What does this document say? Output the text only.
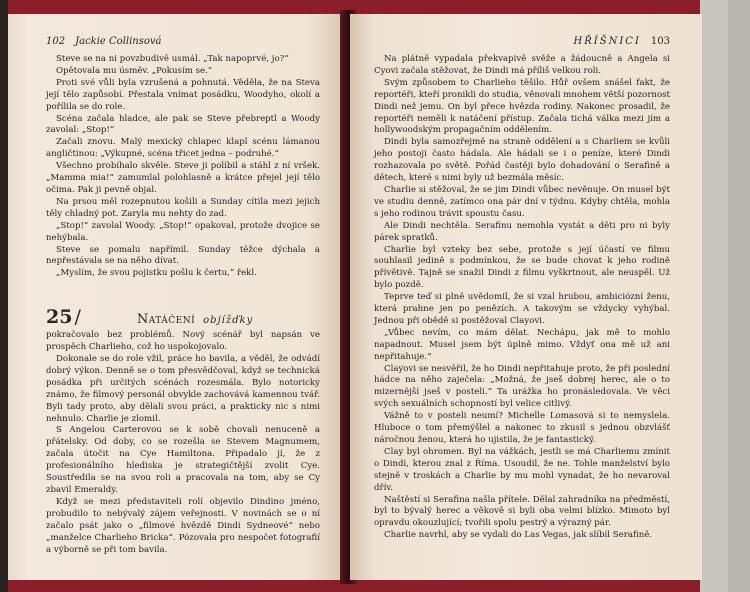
102 Jackie Collinsová

Steve se na ni povzbudivě usmál. „Tak napoprvé, jo?“

Opětovala mu úsměv. „Pokusím se.“

Proti své vůli byla vzrušená a pohnutá. Věděla, že na Steva její tělo zapůsobí. Přestala vnímat posádku, Woodyho, okolí a pořílila se do role.

Scéna začala hladce, ale pak se Steve přebreptl a Woody zavolal: „Stop!“

Začali znovu. Malý mexický chlapec klapl scénu lámanou angličtinou: „Výkupné, scéna třicet jedna – podruhé.“

Všechno probíhalo skvěle. Steve ji políbil a stáhl z ní vršek. „Mamma mia!“ zamumlal polohlasně a krátce přejel její tělo očima. Pak ji pevně objal.

Na prsou měl rozepnutou košili a Sunday cítila mezi jejich těly chladný pot. Zaryla mu nehty do zad.

„Stop!“ zavolal Woody. „Stop!“ opakoval, protože dvojice se nehýbala.

Steve se pomalu napřímil. Sunday těžce dýchala a nepřestávala se na něho dívat.

„Myslím, že svou pojistku pošlu k čertu,“ řekl.

25 /	Natáčení objížďky

pokračovalo bez problémů. Nový scénář byl napsán ve prospěch Charlieho, což ho uspokojovalo.

Dokonale se do role vžil, práce ho bavila, a věděl, že odvádí dobrý výkon. Denně se o tom přesvědčoval, když se technická posádka při určitých scénách rozesmála. Bylo notoricky známo, že filmový personál obvykle zachovává kamennou tvář. Byli tady proto, aby dělali svou práci, a prakticky nic s nimi nehnulo. Charlie je zlomil.

S Angelou Carterovou se k sobě chovali nenuceně a přátelsky. Od doby, co se rozešla se Stevem Magnumem, začala útočit na Cye Hamiltona. Připadalo jí, že z profesionálního hlediska je strategičtější zvolit Cye. Soustředila se na svou roli a pracovala na tom, aby se Cy zbavil Emeraldy.

Když se mezi představiteli rolí objevilo Dindino jméno, probudilo to nebývalý zájem veřejnosti. V novinách se o ní začalo psát jako o „filmové hvězdě Dindi Sydneové“ nebo „manželce Charlieho Bricka“. Pózovala pro nespočet fotografií a výborně se při tom bavila.

HŘÍŠNICI 103

Na plátně vypadala překvapivě svěže a žádoucně a Angela si Cyovi začala stěžovat, že Dindi má příliš velkou roli.

Svým způsobem to Charlieho těšilo. Hůř ovšem snášel fakt, že reportéři, kteří pronikli do studia, věnovali mnohem větší pozornost Dindi než jemu. On byl přece hvězda rodiny. Nakonec prosadil, že reportéři neměli k natáčení přístup. Začala tichá válka mezi jím a hollywoodským propagačním oddělením.

Dindi byla samozřejmě na straně oddělení a s Charliem se kvůli jeho postoji často hádala. Ale hádali se i o peníze, které Dindi rozhazovala po světě. Pořád častěji bylo dohadování o Serafině a dětech, které s nimi byly už bezmála měsíc.

Charlie si stěžoval, že se jim Dindi vůbec nevěnuje. On musel být ve studiu denně, zatímco ona pár dní v týdnu. Kdyby chtěla, mohla s jeho rodinou trávit spoustu času.

Ale Dindi nechtěla. Serafinu nemohla vystát a děti pro ni byly párek spratků.

Charlie byl vzteky bez sebe, protože s její účastí ve filmu souhlasil jedině s podmínkou, že se bude chovat k jeho rodině přívětivě. Tajně se snažil Dindi z filmu vyškrtnout, ale neuspěl. Už bylo pozdě.

Teprve teď si plně uvědomil, že si vzal hrubou, ambiciózní ženu, která prahne jen po penězích. A takovým se vždycky vyhýbal. Jednou při obědě si postěžoval Clayovi.

„Vůbec nevím, co mám dělat. Nechápu, jak mě to mohlo napadnout. Musel jsem být úplně mimo. Vždyť ona mě už ani nepřitahuje.“

Clayovi se nesvěřil, že ho Dindi nepřitahuje proto, že při poslední hádce na něho zaječela: „Možná, že jseš dobrej herec, ale o to mizernější jseš v posteli.“ Ta urážka ho pronásledovala. Ve věci svých sexuálních schopností byl velice citlivý.

Vážně to v posteli neumí? Michelle Lomasová si to nemyslela. Hluboce o tom přemýšlel a nakonec to zkusil s jednou obzvlášť náročnou ženou, která ho ujistila, že je fantastický.

Clay byl ohromen. Byl na vážkách, jestli se má Charliemu zmínit o Dindi, kterou znal z Říma. Usoudil, že ne. Tohle manželství bylo stejně v troskách a Charlie by mu mohl vynadat, že ho nevaroval dřív.

Naštěstí si Serafina našla přítele. Dělal zahradníka na předměstí, byl to bývalý herec a věkově si byli oba velmi blízko. Mimoto byl opravdu okouzlující; tvořili spolu pestrý a výrazný pár.

Charlie navrhl, aby se vydali do Las Vegas, jak slíbil Serafině.
